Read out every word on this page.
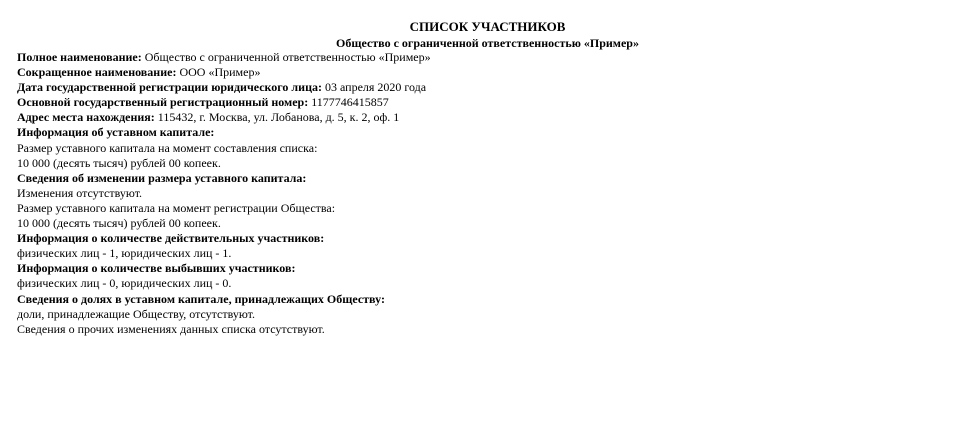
СПИСОК УЧАСТНИКОВ
Общество с ограниченной ответственностью «Пример»
Полное наименование: Общество с ограниченной ответственностью «Пример»
Сокращенное наименование: ООО «Пример»
Дата государственной регистрации юридического лица: 03 апреля 2020 года
Основной государственный регистрационный номер: 1177746415857
Адрес места нахождения: 115432, г. Москва, ул. Лобанова, д. 5, к. 2, оф. 1
Информация об уставном капитале:
Размер уставного капитала на момент составления списка:
10 000 (десять тысяч) рублей 00 копеек.
Сведения об изменении размера уставного капитала:
Изменения отсутствуют.
Размер уставного капитала на момент регистрации Общества:
10 000 (десять тысяч) рублей 00 копеек.
Информация о количестве действительных участников:
физических лиц - 1, юридических лиц - 1.
Информация о количестве выбывших участников:
физических лиц - 0, юридических лиц - 0.
Сведения о долях в уставном капитале, принадлежащих Обществу:
доли, принадлежащие Обществу, отсутствуют.
Сведения о прочих изменениях данных списка отсутствуют.
